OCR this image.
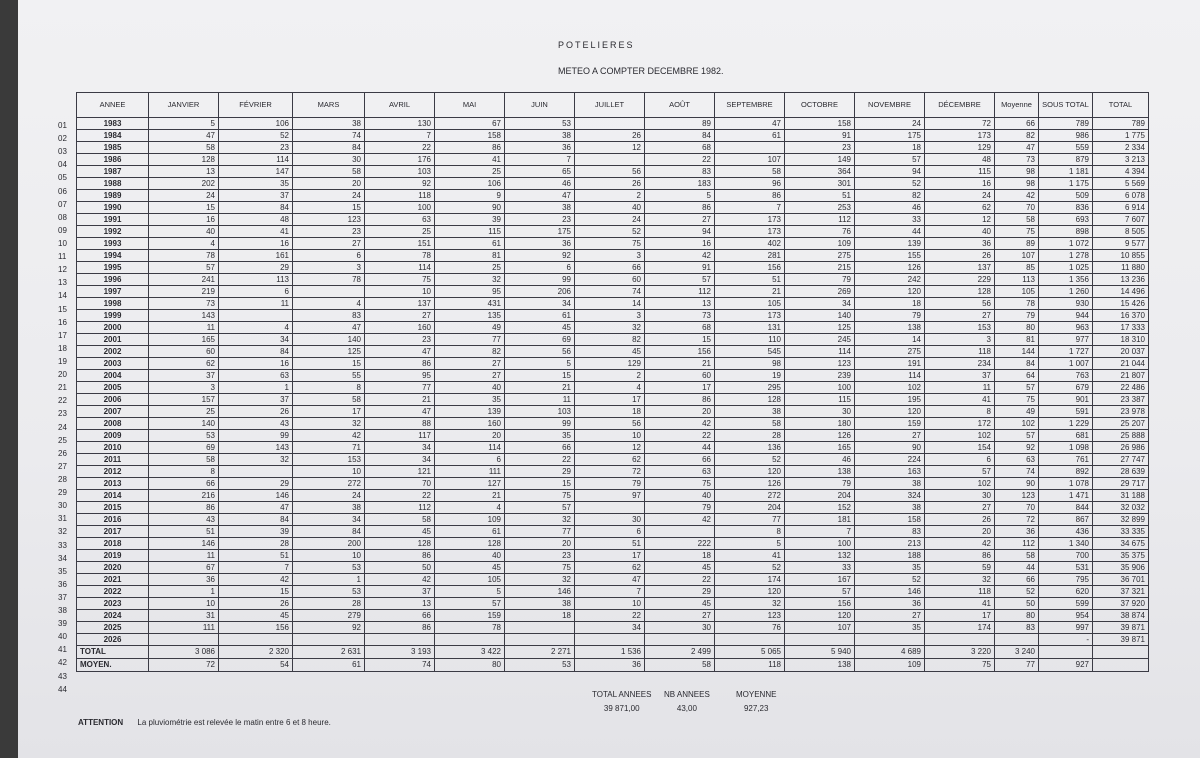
POTELIERES
METEO A COMPTER DECEMBRE 1982.
01
02
03
04
05
06
07
08
09
10
11
12
13
14
15
16
17
18
19
20
21
22
23
24
25
26
27
28
29
30
31
32
33
34
35
36
37
38
39
40
41
42
43
44
ANNEE	JANVIER	FÉVRIER	MARS	AVRIL	MAI	JUIN	JUILLET	AOÛT	SEPTEMBRE	OCTOBRE	NOVEMBRE	DÉCEMBRE	Moyenne	SOUS TOTAL	TOTAL
1983	5	106	38	130	67	53		89	47	158	24	72	66	789	789
1984	47	52	74	7	158	38	26	84	61	91	175	173	82	986	1 775
1985	58	23	84	22	86	36	12	68		23	18	129	47	559	2 334
1986	128	114	30	176	41	7		22	107	149	57	48	73	879	3 213
1987	13	147	58	103	25	65	56	83	58	364	94	115	98	1 181	4 394
1988	202	35	20	92	106	46	26	183	96	301	52	16	98	1 175	5 569
1989	24	37	24	118	9	47	2	5	86	51	82	24	42	509	6 078
1990	15	84	15	100	90	38	40	86	7	253	46	62	70	836	6 914
1991	16	48	123	63	39	23	24	27	173	112	33	12	58	693	7 607
1992	40	41	23	25	115	175	52	94	173	76	44	40	75	898	8 505
1993	4	16	27	151	61	36	75	16	402	109	139	36	89	1 072	9 577
1994	78	161	6	78	81	92	3	42	281	275	155	26	107	1 278	10 855
1995	57	29	3	114	25	6	66	91	156	215	126	137	85	1 025	11 880
1996	241	113	78	75	32	99	60	57	51	79	242	229	113	1 356	13 236
1997	219	6		10	95	206	74	112	21	269	120	128	105	1 260	14 496
1998	73	11	4	137	431	34	14	13	105	34	18	56	78	930	15 426
1999	143		83	27	135	61	3	73	173	140	79	27	79	944	16 370
2000	11	4	47	160	49	45	32	68	131	125	138	153	80	963	17 333
2001	165	34	140	23	77	69	82	15	110	245	14	3	81	977	18 310
2002	60	84	125	47	82	56	45	156	545	114	275	118	144	1 727	20 037
2003	62	16	15	86	27	5	129	21	98	123	191	234	84	1 007	21 044
2004	37	63	55	95	27	15	2	60	19	239	114	37	64	763	21 807
2005	3	1	8	77	40	21	4	17	295	100	102	11	57	679	22 486
2006	157	37	58	21	35	11	17	86	128	115	195	41	75	901	23 387
2007	25	26	17	47	139	103	18	20	38	30	120	8	49	591	23 978
2008	140	43	32	88	160	99	56	42	58	180	159	172	102	1 229	25 207
2009	53	99	42	117	20	35	10	22	28	126	27	102	57	681	25 888
2010	69	143	71	34	114	66	12	44	136	165	90	154	92	1 098	26 986
2011	58	32	153	34	6	22	62	66	52	46	224	6	63	761	27 747
2012	8		10	121	111	29	72	63	120	138	163	57	74	892	28 639
2013	66	29	272	70	127	15	79	75	126	79	38	102	90	1 078	29 717
2014	216	146	24	22	21	75	97	40	272	204	324	30	123	1 471	31 188
2015	86	47	38	112	4	57		79	204	152	38	27	70	844	32 032
2016	43	84	34	58	109	32	30	42	77	181	158	26	72	867	32 899
2017	51	39	84	45	61	77	6		8	7	83	20	36	436	33 335
2018	146	28	200	128	128	20	51	222	5	100	213	42	112	1 340	34 675
2019	11	51	10	86	40	23	17	18	41	132	188	86	58	700	35 375
2020	67	7	53	50	45	75	62	45	52	33	35	59	44	531	35 906
2021	36	42	1	42	105	32	47	22	174	167	52	32	66	795	36 701
2022	1	15	53	37	5	146	7	29	120	57	146	118	52	620	37 321
2023	10	26	28	13	57	38	10	45	32	156	36	41	50	599	37 920
2024	31	45	279	66	159	18	22	27	123	120	27	17	80	954	38 874
2025	111	156	92	86	78		34	30	76	107	35	174	83	997	39 871
2026														-	39 871
TOTAL	3 086	2 320	2 631	3 193	3 422	2 271	1 536	2 499	5 065	5 940	4 689	3 220	3 240		
MOYEN.	72	54	61	74	80	53	36	58	118	138	109	75	77	927	
TOTAL ANNEES
39 871,00
NB ANNEES
43,00
MOYENNE
927,23
ATTENTION La pluviométrie est relevée le matin entre 6 et 8 heure.
